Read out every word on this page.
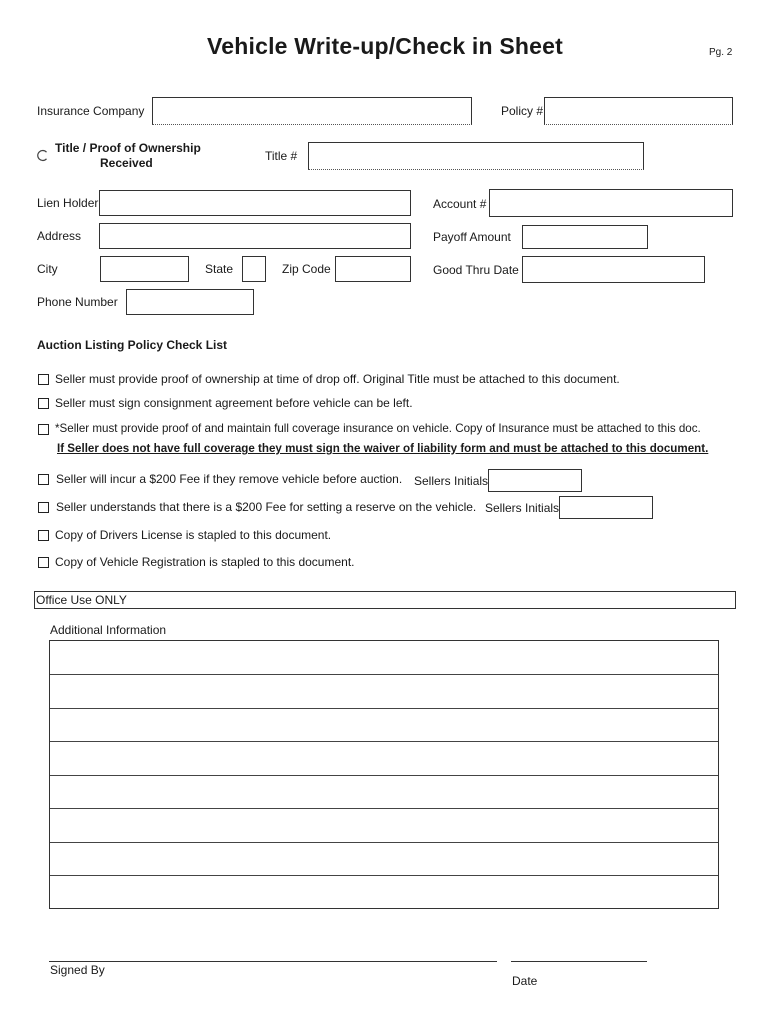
Vehicle Write-up/Check in Sheet	Pg. 2
Insurance Company	Policy #
Title / Proof of Ownership
Received	Title #
Lien Holder	Account #
Address	Payoff Amount
City	State	Zip Code	Good Thru Date
Phone Number
Auction Listing Policy Check List
Seller must provide proof of ownership at time of drop off. Original Title must be attached to this document.
Seller must sign consignment agreement before vehicle can be left.
*Seller must provide proof of and maintain full coverage insurance on vehicle. Copy of Insurance must be attached to this doc.
If Seller does not have full coverage they must sign the waiver of liability form and must be attached to this document.
Seller will incur a $200 Fee if they remove vehicle before auction. Sellers Initials
Seller understands that there is a $200 Fee for setting a reserve on the vehicle. Sellers Initials
Copy of Drivers License is stapled to this document.
Copy of Vehicle Registration is stapled to this document.
Office Use ONLY
Additional Information
Signed By
Date
